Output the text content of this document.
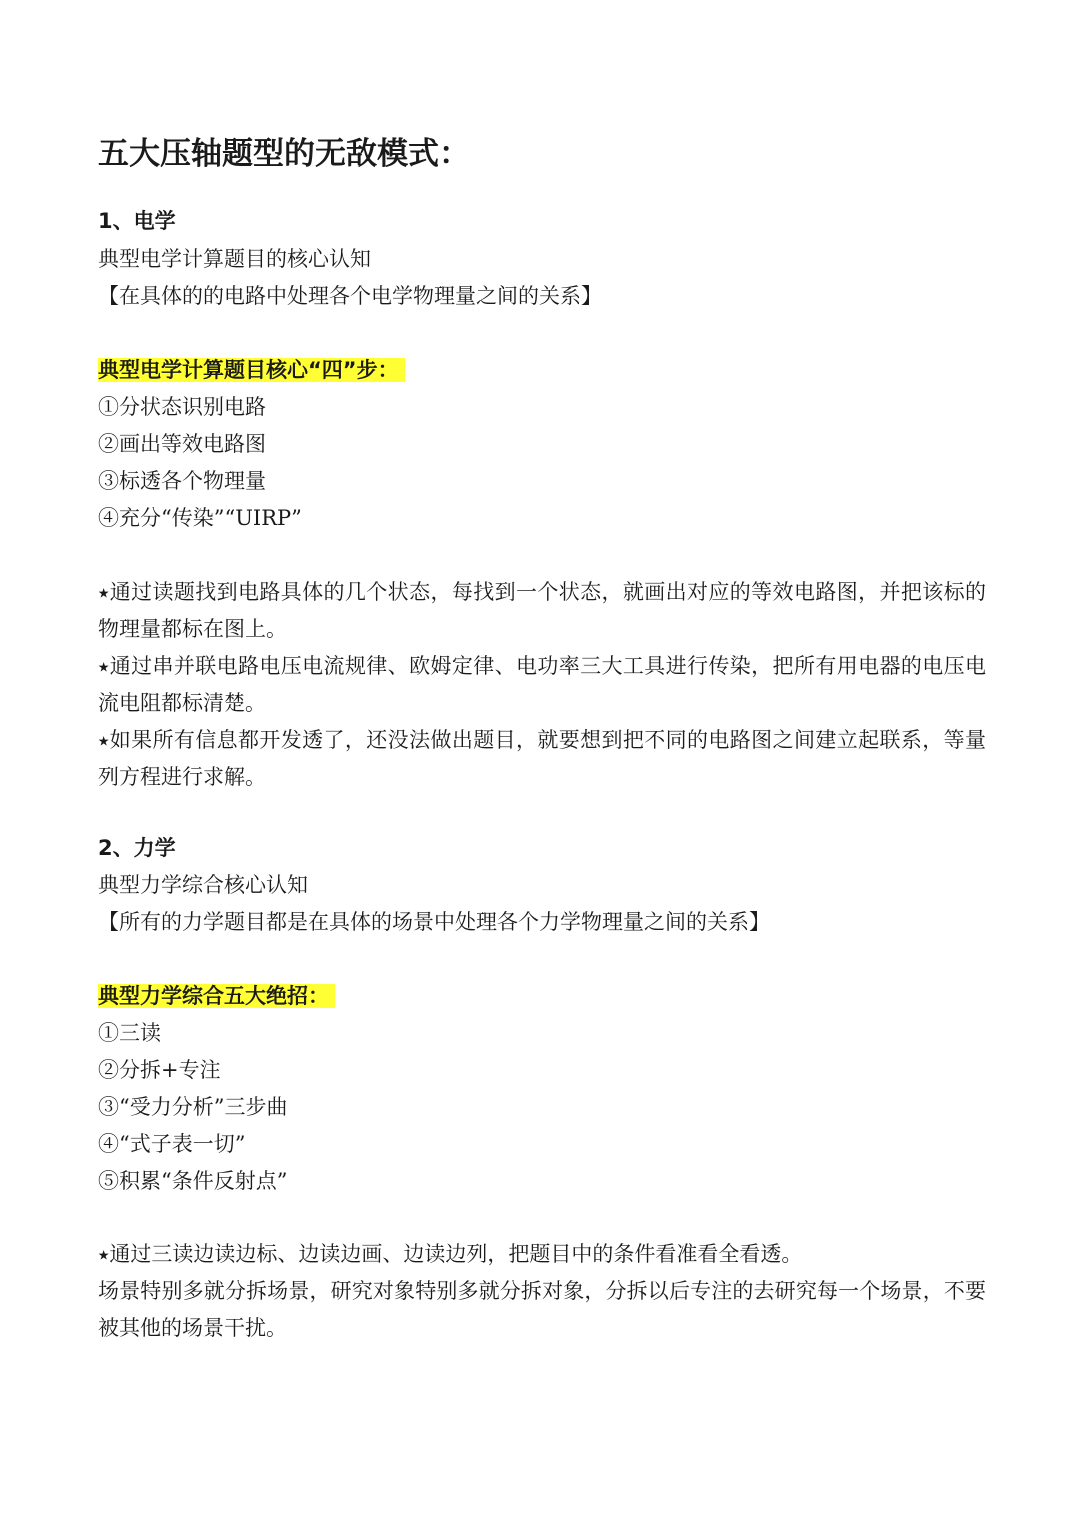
五大压轴题型的无敌模式：
1、电学
典型电学计算题目的核心认知
【在具体的的电路中处理各个电学物理量之间的关系】
典型电学计算题目核心“四”步：
①分状态识别电路
②画出等效电路图
③标透各个物理量
④充分“传染”“UIRP”
⭑通过读题找到电路具体的几个状态，每找到一个状态，就画出对应的等效电路图，并把该标的物理量都标在图上。
⭑通过串并联电路电压电流规律、欧姆定律、电功率三大工具进行传染，把所有用电器的电压电流电阻都标清楚。
⭑如果所有信息都开发透了，还没法做出题目，就要想到把不同的电路图之间建立起联系，等量列方程进行求解。
2、力学
典型力学综合核心认知
【所有的力学题目都是在具体的场景中处理各个力学物理量之间的关系】
典型力学综合五大绝招：
①三读
②分拆+专注
③“受力分析”三步曲
④“式子表一切”
⑤积累“条件反射点”
⭑通过三读边读边标、边读边画、边读边列，把题目中的条件看准看全看透。
场景特别多就分拆场景，研究对象特别多就分拆对象，分拆以后专注的去研究每一个场景，不要被其他的场景干扰。
